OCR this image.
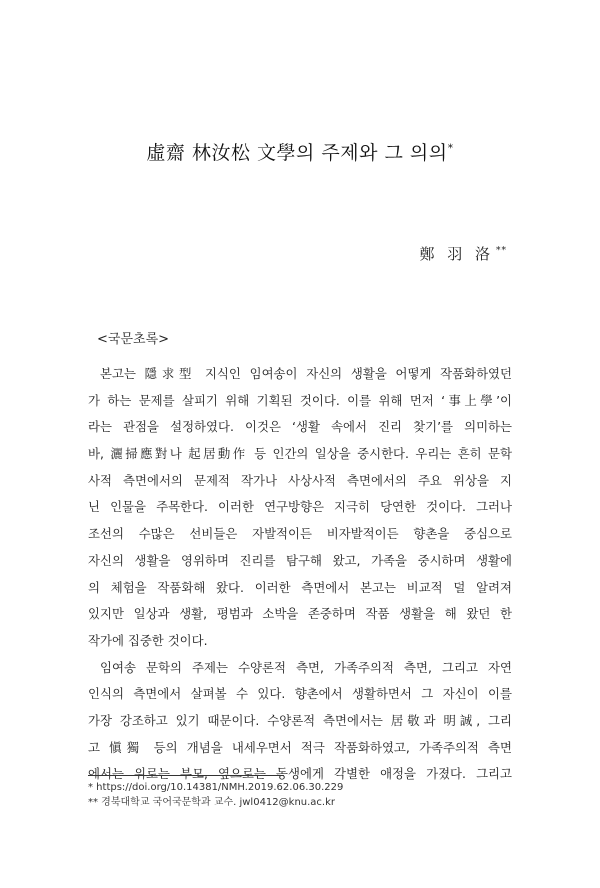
虛齋 林汝松 文學의 주제와 그 의의*
鄭 羽 洛 **
<국문초록>
본고는 隱求型 지식인 임여송이 자신의 생활을 어떻게 작품화하였던
가 하는 문제를 살피기 위해 기획된 것이다. 이를 위해 먼저 ‘事上學’이
라는 관점을 설정하였다. 이것은 ‘생활 속에서 진리 찾기’를 의미하는
바, 灑掃應對나 起居動作 등 인간의 일상을 중시한다. 우리는 흔히 문학
사적 측면에서의 문제적 작가나 사상사적 측면에서의 주요 위상을 지
닌 인물을 주목한다. 이러한 연구방향은 지극히 당연한 것이다. 그러나
조선의 수많은 선비들은 자발적이든 비자발적이든 향촌을 중심으로
자신의 생활을 영위하며 진리를 탐구해 왔고, 가족을 중시하며 생활에
의 체험을 작품화해 왔다. 이러한 측면에서 본고는 비교적 덜 알려져
있지만 일상과 생활, 평범과 소박을 존중하며 작품 생활을 해 왔던 한
작가에 집중한 것이다.
임여송 문학의 주제는 수양론적 측면, 가족주의적 측면, 그리고 자연
인식의 측면에서 살펴볼 수 있다. 향촌에서 생활하면서 그 자신이 이를
가장 강조하고 있기 때문이다. 수양론적 측면에서는 居敬과 明誠, 그리
고 愼獨 등의 개념을 내세우면서 적극 작품화하였고, 가족주의적 측면
에서는 위로는 부모, 옆으로는 동생에게 각별한 애정을 가졌다. 그리고
* https://doi.org/10.14381/NMH.2019.62.06.30.229
** 경북대학교 국어국문학과 교수. jwl0412@knu.ac.kr
